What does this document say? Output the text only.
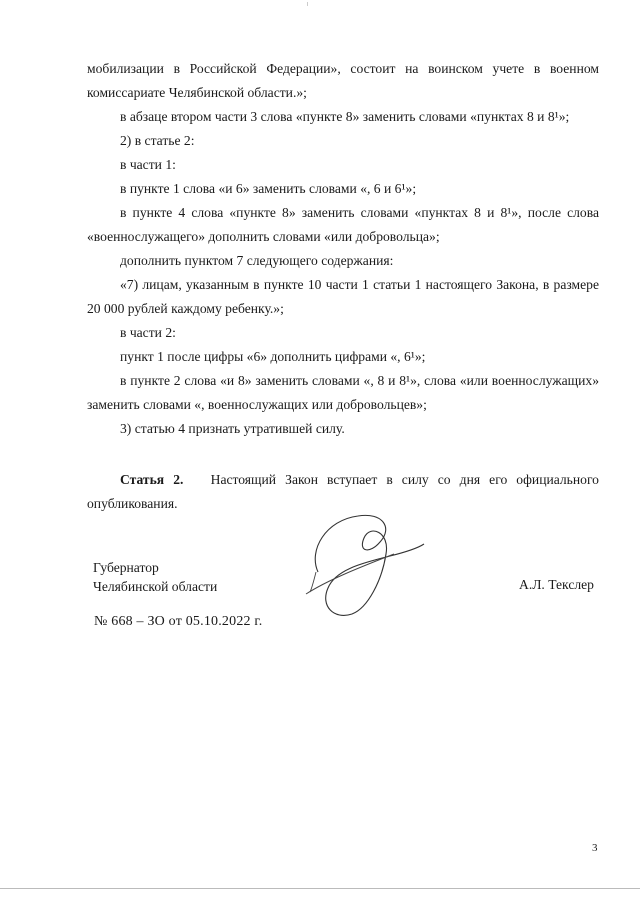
мобилизации в Российской Федерации», состоит на воинском учете в военном комиссариате Челябинской области.»;

в абзаце втором части 3 слова «пункте 8» заменить словами «пунктах 8 и 8¹»;

2) в статье 2:

в части 1:

в пункте 1 слова «и 6» заменить словами «, 6 и 6¹»;

в пункте 4 слова «пункте 8» заменить словами «пунктах 8 и 8¹», после слова «военнослужащего» дополнить словами «или добровольца»;

дополнить пунктом 7 следующего содержания:

«7) лицам, указанным в пункте 10 части 1 статьи 1 настоящего Закона, в размере 20 000 рублей каждому ребенку.»;

в части 2:

пункт 1 после цифры «6» дополнить цифрами «, 6¹»;

в пункте 2 слова «и 8» заменить словами «, 8 и 8¹», слова «или военнослужащих» заменить словами «, военнослужащих или добровольцев»;

3) статью 4 признать утратившей силу.

Статья 2. Настоящий Закон вступает в силу со дня его официального опубликования.

Губернатор
Челябинской области	А.Л. Текслер
№ 668 – ЗО от 05.10.2022 г.
3
